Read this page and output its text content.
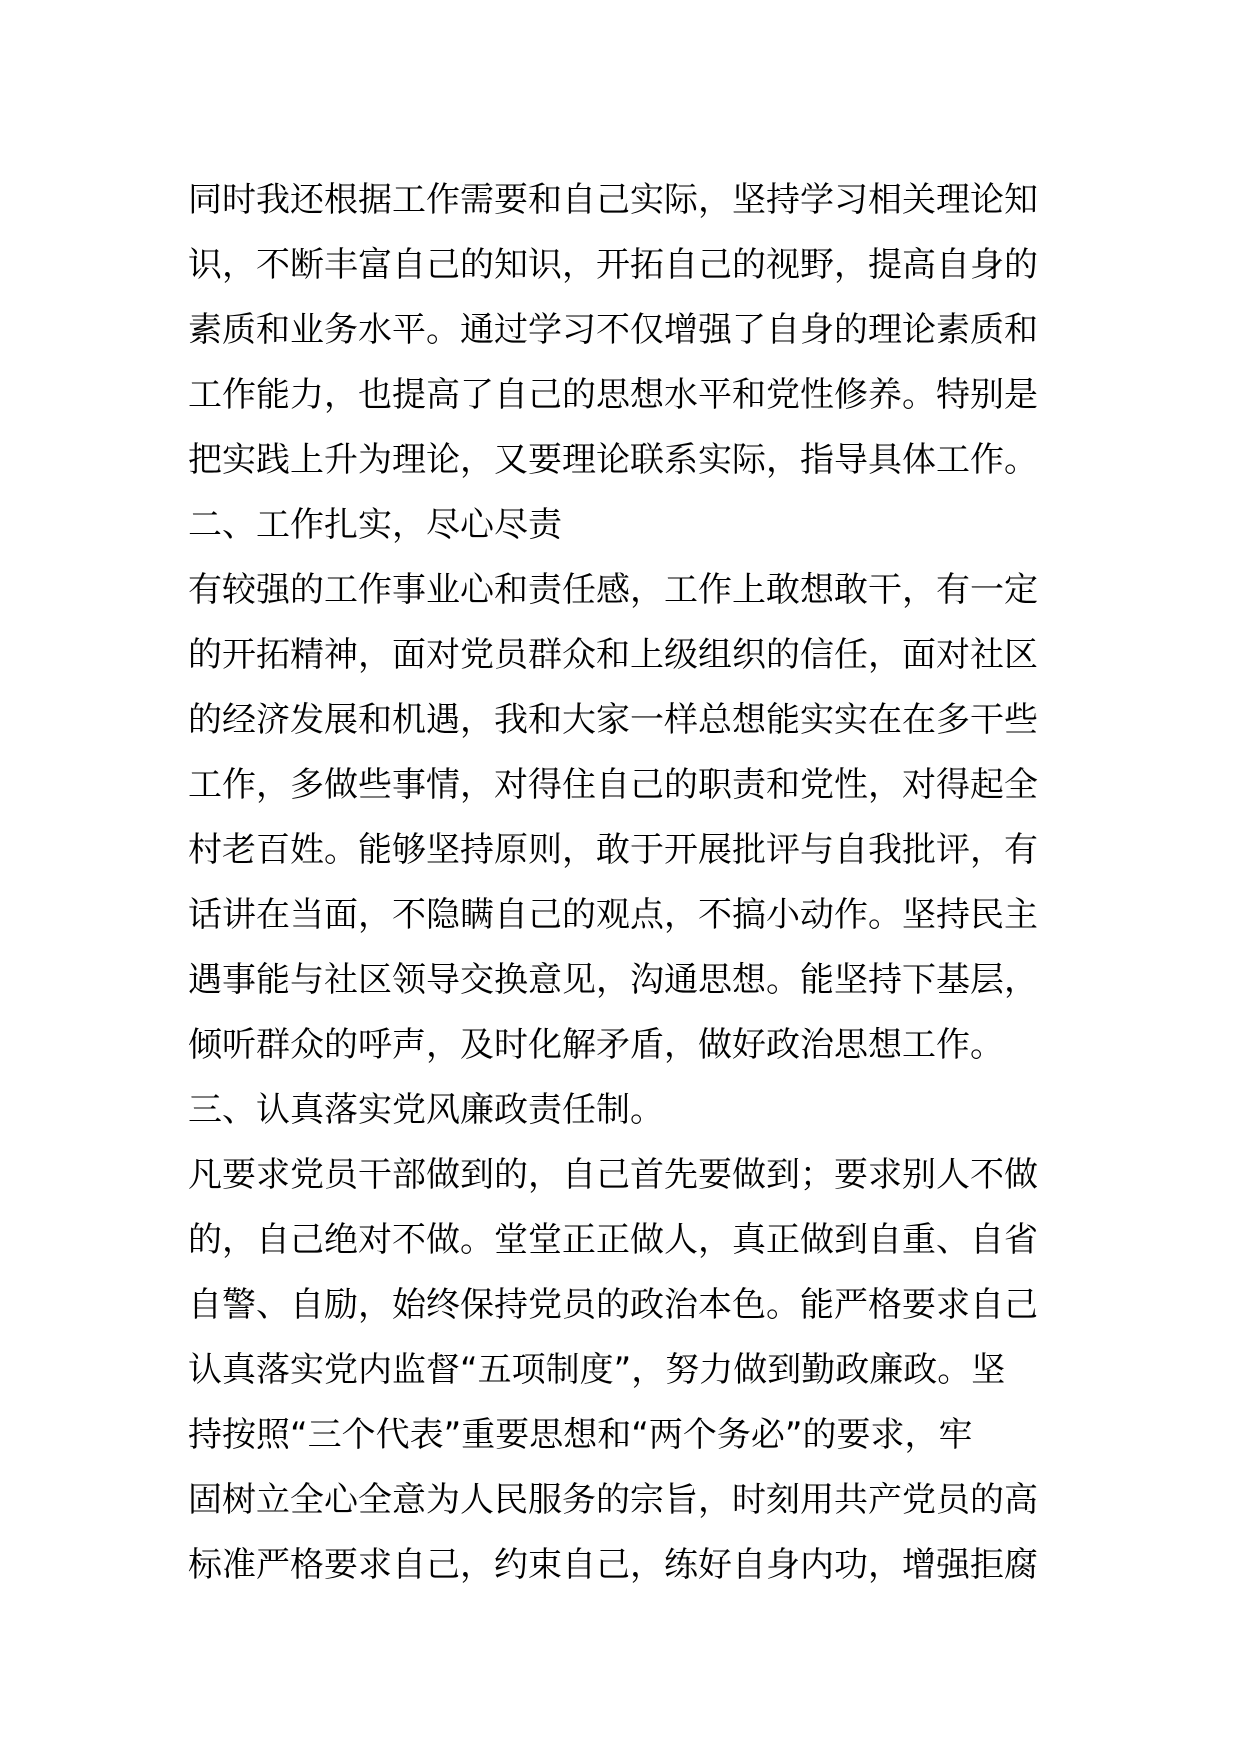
同时我还根据工作需要和自己实际，坚持学习相关理论知
识，不断丰富自己的知识，开拓自己的视野，提高自身的
素质和业务水平。通过学习不仅增强了自身的理论素质和
工作能力，也提高了自己的思想水平和党性修养。特别是
把实践上升为理论，又要理论联系实际，指导具体工作。
二、工作扎实，尽心尽责
有较强的工作事业心和责任感，工作上敢想敢干，有一定
的开拓精神，面对党员群众和上级组织的信任，面对社区
的经济发展和机遇，我和大家一样总想能实实在在多干些
工作，多做些事情，对得住自己的职责和党性，对得起全
村老百姓。能够坚持原则，敢于开展批评与自我批评，有
话讲在当面，不隐瞒自己的观点，不搞小动作。坚持民主
遇事能与社区领导交换意见，沟通思想。能坚持下基层，
倾听群众的呼声，及时化解矛盾，做好政治思想工作。
三、认真落实党风廉政责任制。
凡要求党员干部做到的，自己首先要做到；要求别人不做
的，自己绝对不做。堂堂正正做人，真正做到自重、自省
自警、自励，始终保持党员的政治本色。能严格要求自己
认真落实党内监督“五项制度”，努力做到勤政廉政。坚
持按照“三个代表”重要思想和“两个务必”的要求，牢
固树立全心全意为人民服务的宗旨，时刻用共产党员的高
标准严格要求自己，约束自己，练好自身内功，增强拒腐
